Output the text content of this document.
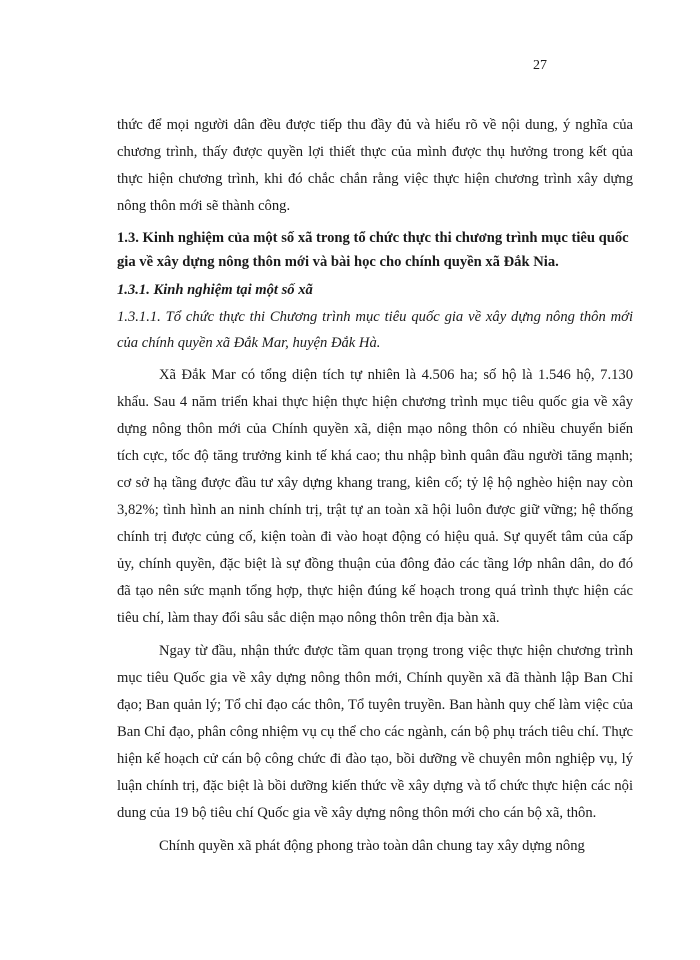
27

thức để mọi người dân đều được tiếp thu đầy đủ và hiểu rõ về nội dung, ý nghĩa của chương trình, thấy được quyền lợi thiết thực của mình được thụ hưởng trong kết qủa thực hiện chương trình, khi đó chắc chắn rằng việc thực hiện chương trình xây dựng nông thôn mới sẽ thành công.

1.3. Kinh nghiệm của một số xã trong tổ chức thực thi chương trình mục tiêu quốc gia về xây dựng nông thôn mới và bài học cho chính quyền xã Đắk Nia.

1.3.1. Kinh nghiệm tại một số xã

1.3.1.1. Tổ chức thực thi Chương trình mục tiêu quốc gia về xây dựng nông thôn mới của chính quyền xã Đắk Mar, huyện Đắk Hà.

Xã Đắk Mar có tổng diện tích tự nhiên là 4.506 ha; số hộ là 1.546 hộ, 7.130 khẩu. Sau 4 năm triển khai thực hiện thực hiện chương trình mục tiêu quốc gia về xây dựng nông thôn mới của Chính quyền xã, diện mạo nông thôn có nhiều chuyển biến tích cực, tốc độ tăng trưởng kinh tế khá cao; thu nhập bình quân đầu người tăng mạnh; cơ sở hạ tầng được đầu tư xây dựng khang trang, kiên cố; tỷ lệ hộ nghèo hiện nay còn 3,82%; tình hình an ninh chính trị, trật tự an toàn xã hội luôn được giữ vững; hệ thống chính trị được củng cố, kiện toàn đi vào hoạt động có hiệu quả. Sự quyết tâm của cấp ủy, chính quyền, đặc biệt là sự đồng thuận của đông đảo các tầng lớp nhân dân, do đó đã tạo nên sức mạnh tổng hợp, thực hiện đúng kế hoạch trong quá trình thực hiện các tiêu chí, làm thay đổi sâu sắc diện mạo nông thôn trên địa bàn xã.

Ngay từ đầu, nhận thức được tầm quan trọng trong việc thực hiện chương trình mục tiêu Quốc gia về xây dựng nông thôn mới, Chính quyền xã đã thành lập Ban Chỉ đạo; Ban quản lý; Tổ chỉ đạo các thôn, Tổ tuyên truyền. Ban hành quy chế làm việc của Ban Chỉ đạo, phân công nhiệm vụ cụ thể cho các ngành, cán bộ phụ trách tiêu chí. Thực hiện kế hoạch cử cán bộ công chức đi đào tạo, bồi dưỡng về chuyên môn nghiệp vụ, lý luận chính trị, đặc biệt là bồi dưỡng kiến thức về xây dựng và tổ chức thực hiện các nội dung của 19 bộ tiêu chí Quốc gia về xây dựng nông thôn mới cho cán bộ xã, thôn.

Chính quyền xã phát động phong trào toàn dân chung tay xây dựng nông
